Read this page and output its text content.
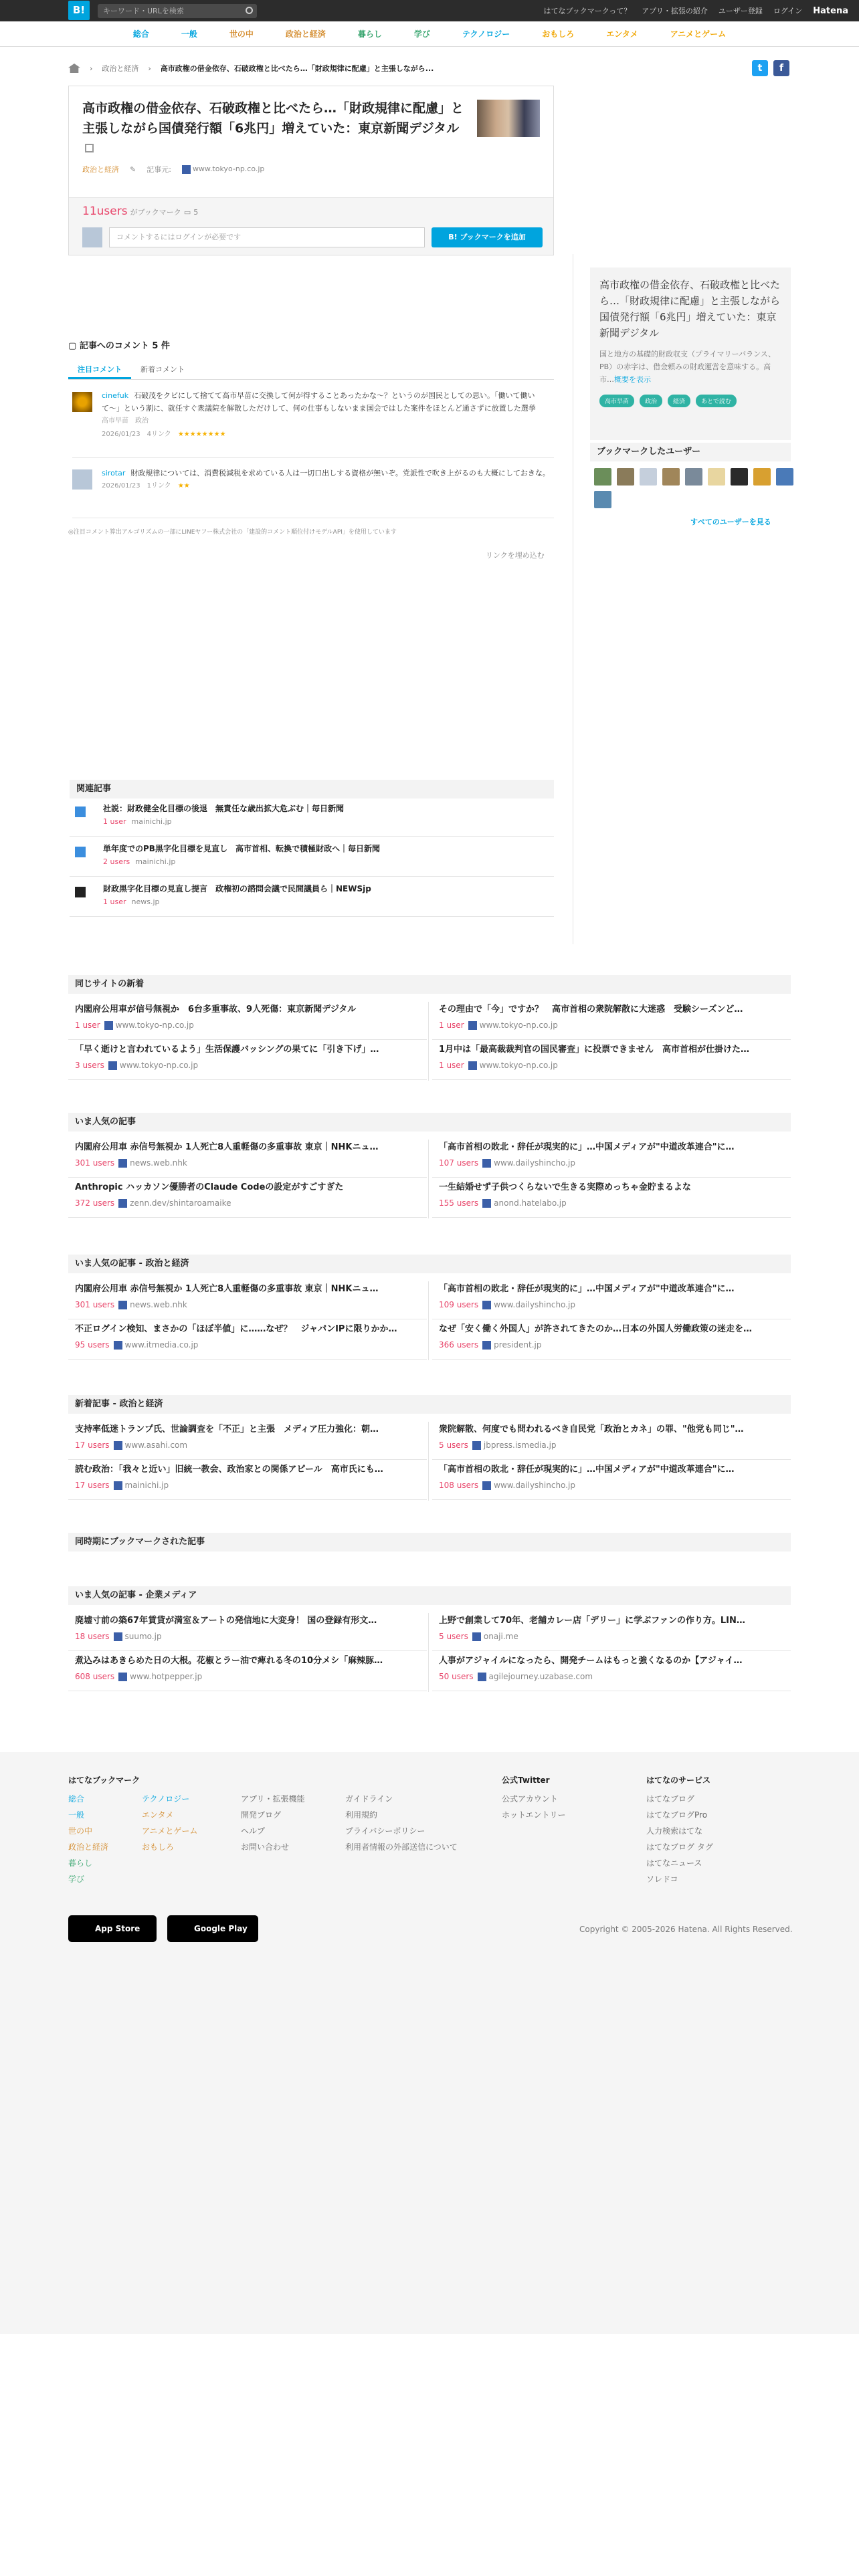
B!	キーワード・URLを検索	はてなブックマークって？ アプリ・拡張の紹介 ユーザー登録 ログイン Hatena
総合	一般	世の中	政治と経済	暮らし	学び	テクノロジー	おもしろ	エンタメ	アニメとゲーム
› 政治と経済 › 高市政権の借金依存、石破政権と比べたら…「財政規律に配慮」と主張しながら...	t	f
高市政権の借金依存、石破政権と比べたら…「財政規律に配慮」と主張しながら国債発行額「6兆円」増えていた：東京新聞デジタル
政治と経済 ✎ 記事元:	www.tokyo-np.co.jp
11users がブックマーク ▭ 5
コメントするにはログインが必要です	B! ブックマークを追加
高市政権の借金依存、石破政権と比べたら…「財政規律に配慮」と主張しながら国債発行額「6兆円」増えていた：東京新聞デジタル
国と地方の基礎的財政収支（プライマリーバランス、PB）の赤字は、借金頼みの財政運営を意味する。高市…概要を表示
高市早苗	政治	経済	あとで読む
ブックマークしたユーザー
すべてのユーザーを見る
▢ 記事へのコメント 5 件
注目コメント	新着コメント
cinefuk 石破茂をクビにして捨てて高市早苗に交換して何が得することあったかな〜？というのが国民としての思い。「働いて働いて〜」という割に、就任すぐ衆議院を解散しただけして、何の仕事もしないまま国会ではした案件をほとんど通さずに放置した選挙
高市早苗　政治
2026/01/23　 4リンク　 ★★★★★★★★
sirotar 財政規律については、消費税減税を求めている人は一切口出しする資格が無いぞ。党派性で吹き上がるのも大概にしておきな。
2026/01/23　 1リンク　 ★★
◎注目コメント算出アルゴリズムの一部にLINEヤフー株式会社の「建設的コメント順位付けモデルAPI」を使用しています
リンクを埋め込む
関連記事
社説：財政健全化目標の後退　無責任な歳出拡大危ぶむ｜毎日新聞
1 user mainichi.jp
単年度でのPB黒字化目標を見直し　高市首相、転換で積極財政へ｜毎日新聞
2 users mainichi.jp
財政黒字化目標の見直し提言　政権初の諮問会議で民間議員ら｜NEWSjp
1 user news.jp
同じサイトの新着
内閣府公用車が信号無視か　6台多重事故、9人死傷：東京新聞デジタル
1 user www.tokyo-np.co.jp
その理由で「今」ですか？　高市首相の衆院解散に大迷惑　受験シーズンど…
1 user www.tokyo-np.co.jp
「早く逝けと言われているよう」生活保護バッシングの果てに「引き下げ」…
3 users www.tokyo-np.co.jp
1月中は「最高裁裁判官の国民審査」に投票できません　高市首相が仕掛けた…
1 user www.tokyo-np.co.jp
いま人気の記事
内閣府公用車 赤信号無視か 1人死亡8人重軽傷の多重事故 東京｜NHKニュ…
301 users news.web.nhk
「高市首相の敗北・辞任が現実的に」…中国メディアが"中道改革連合"に…
107 users www.dailyshincho.jp
Anthropic ハッカソン優勝者のClaude Codeの設定がすごすぎた
372 users zenn.dev/shintaroamaike
一生結婚せず子供つくらないで生きる実際めっちゃ金貯まるよな
155 users anond.hatelabo.jp
いま人気の記事 - 政治と経済
内閣府公用車 赤信号無視か 1人死亡8人重軽傷の多重事故 東京｜NHKニュ…
301 users news.web.nhk
「高市首相の敗北・辞任が現実的に」…中国メディアが"中道改革連合"に…
109 users www.dailyshincho.jp
不正ログイン検知、まさかの「ほぼ半値」に……なぜ？　ジャパンIPに限りかか…
95 users www.itmedia.co.jp
なぜ「安く働く外国人」が許されてきたのか…日本の外国人労働政策の迷走を…
366 users president.jp
新着記事 - 政治と経済
支持率低迷トランプ氏、世論調査を「不正」と主張　メディア圧力強化：朝…
17 users www.asahi.com
衆院解散、何度でも問われるべき自民党「政治とカネ」の罪、"他党も同じ"…
5 users jbpress.ismedia.jp
読む政治：「我々と近い」旧統一教会、政治家との関係アピール　高市氏にも…
17 users mainichi.jp
「高市首相の敗北・辞任が現実的に」…中国メディアが"中道改革連合"に…
108 users www.dailyshincho.jp
同時期にブックマークされた記事
いま人気の記事 - 企業メディア
廃墟寸前の築67年賃貸が満室＆アートの発信地に大変身！ 国の登録有形文…
18 users suumo.jp
上野で創業して70年、老舗カレー店「デリー」に学ぶファンの作り方。LIN…
5 users onaji.me
煮込みはあきらめた日の大根。花椒とラー油で痺れる冬の10分メシ「麻辣豚…
608 users www.hotpepper.jp
人事がアジャイルになったら、開発チームはもっと強くなるのか【アジャイ…
50 users agilejourney.uzabase.com
はてなブックマーク
総合
一般
世の中
政治と経済
暮らし
学び
テクノロジー
エンタメ
アニメとゲーム
おもしろ
アプリ・拡張機能
開発ブログ
ヘルプ
お問い合わせ
ガイドライン
利用規約
プライバシーポリシー
利用者情報の外部送信について
公式Twitter
公式アカウント
ホットエントリー
はてなのサービス
はてなブログ
はてなブログPro
人力検索はてな
はてなブログ タグ
はてなニュース
ソレドコ
App Store	Google Play	Copyright © 2005-2026 Hatena. All Rights Reserved.
